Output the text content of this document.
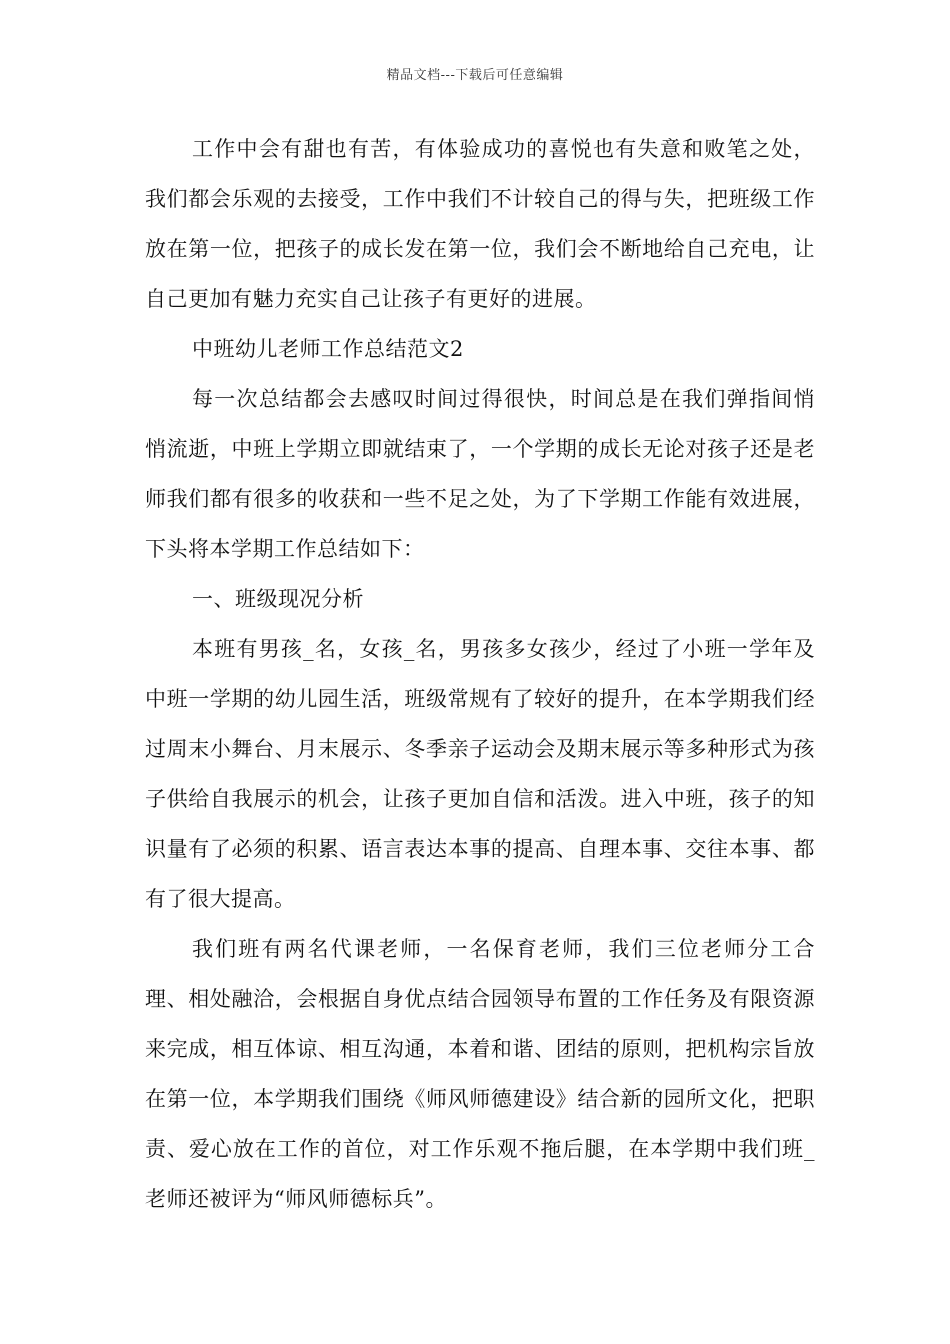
精品文档---下载后可任意编辑

工作中会有甜也有苦，有体验成功的喜悦也有失意和败笔之处，我们都会乐观的去接受，工作中我们不计较自己的得与失，把班级工作放在第一位，把孩子的成长发在第一位，我们会不断地给自己充电，让自己更加有魅力充实自己让孩子有更好的进展。

中班幼儿老师工作总结范文2

每一次总结都会去感叹时间过得很快，时间总是在我们弹指间悄悄流逝，中班上学期立即就结束了，一个学期的成长无论对孩子还是老师我们都有很多的收获和一些不足之处，为了下学期工作能有效进展，下头将本学期工作总结如下：

一、班级现况分析

本班有男孩_名，女孩_名，男孩多女孩少，经过了小班一学年及中班一学期的幼儿园生活，班级常规有了较好的提升，在本学期我们经过周末小舞台、月末展示、冬季亲子运动会及期末展示等多种形式为孩子供给自我展示的机会，让孩子更加自信和活泼。进入中班，孩子的知识量有了必须的积累、语言表达本事的提高、自理本事、交往本事、都有了很大提高。

我们班有两名代课老师，一名保育老师，我们三位老师分工合理、相处融洽，会根据自身优点结合园领导布置的工作任务及有限资源来完成，相互体谅、相互沟通，本着和谐、团结的原则，把机构宗旨放在第一位，本学期我们围绕《师风师德建设》结合新的园所文化，把职责、爱心放在工作的首位，对工作乐观不拖后腿，在本学期中我们班_老师还被评为“师风师德标兵”。
